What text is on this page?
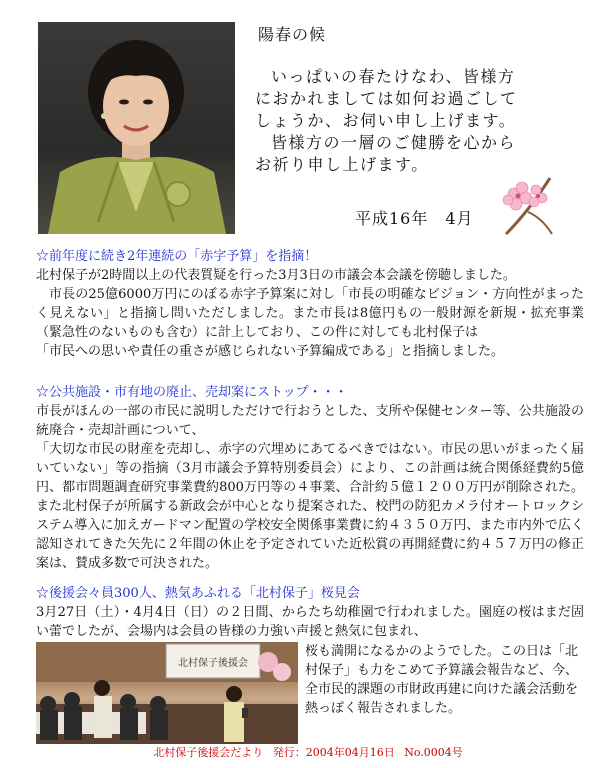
陽春の候

いっぱいの春たけなわ、皆様方

におかれましては如何お過ごして

しょうか、お伺い申し上げます。

皆様方の一層のご健勝を心から

お祈り申し上げます。

平成16年　4月

☆前年度に続き2年連続の「赤字予算」を指摘！

北村保子が2時間以上の代表質疑を行った3月3日の市議会本会議を傍聴しました。

市長の25億6000万円にのぼる赤字予算案に対し「市長の明確なビジョン・方向性がまったく見えない」と指摘し問いただしました。また市長は8億円もの一般財源を新規・拡充事業（緊急性のないものも含む）に計上しており、この件に対しても北村保子は

「市民への思いや責任の重さが感じられない予算編成である」と指摘しました。

☆公共施設・市有地の廃止、売却案にストップ・・・

市長がほんの一部の市民に説明しただけで行おうとした、支所や保健センター等、公共施設の統廃合・売却計画について、

「大切な市民の財産を売却し、赤字の穴埋めにあてるべきではない。市民の思いがまったく届いていない」等の指摘（3月市議会予算特別委員会）により、この計画は統合関係経費約5億円、都市問題調査研究事業費約800万円等の４事業、合計約５億１２００万円が削除された。また北村保子が所属する新政会が中心となり提案された、校門の防犯カメラ付オートロックシステム導入に加えガードマン配置の学校安全関係事業費に約４３５０万円、また市内外で広く認知されてきた矢先に２年間の休止を予定されていた近松賞の再開経費に約４５７万円の修正案は、賛成多数で可決された。

☆後援会々員300人、熱気あふれる「北村保子」桜見会

3月27日（土）・4月4日（日）の２日間、からたち幼稚園で行われました。園庭の桜はまだ固い蕾でしたが、会場内は会員の皆様の力強い声援と熱気に包まれ、

北村保子後援会

桜も満開になるかのようでした。この日は「北村保子」も力をこめて予算議会報告など、今、全市民的課題の市財政再建に向けた議会活動を熱っぽく報告されました。

北村保子後援会だより 発行：2004年04月16日 No.0004号
